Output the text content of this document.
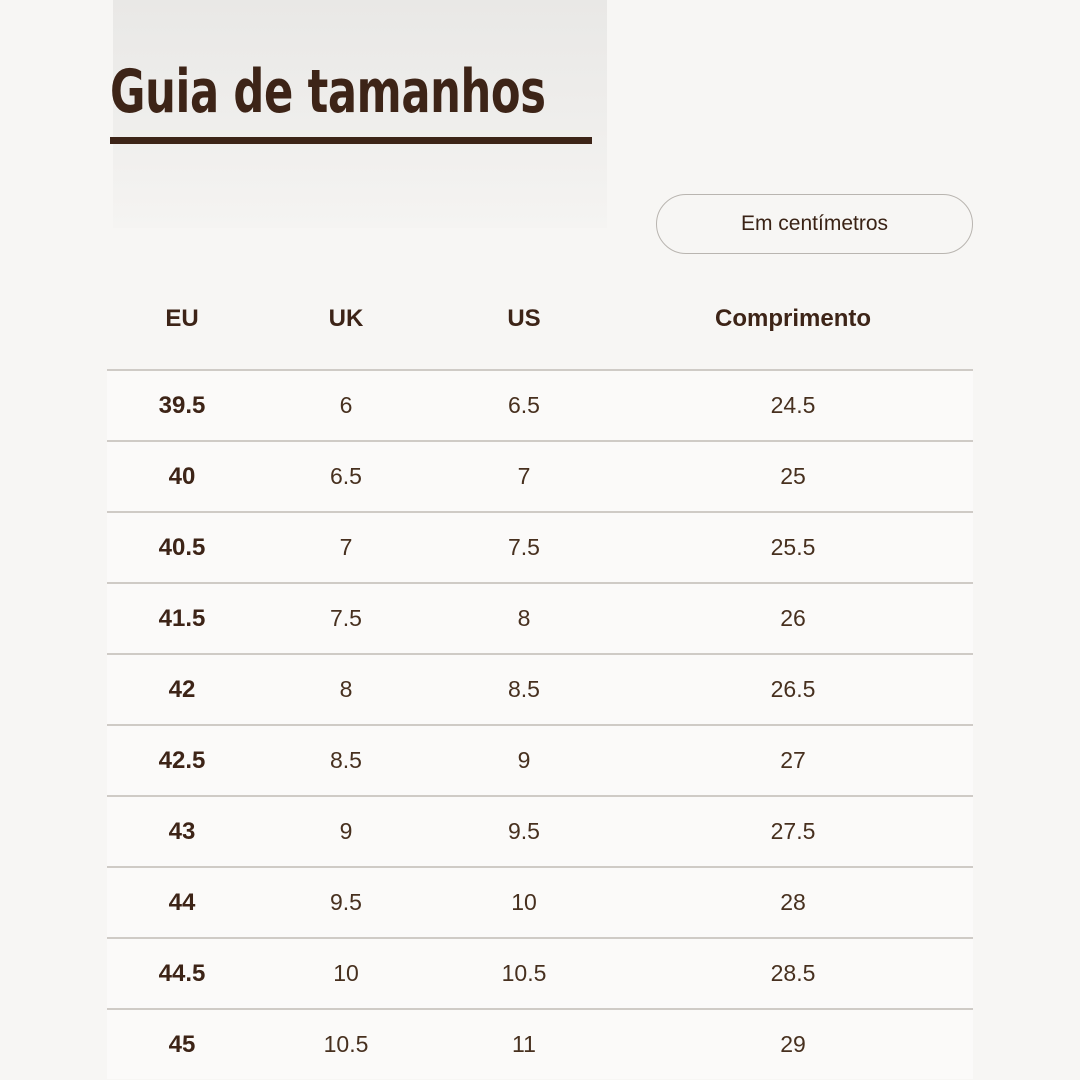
Guia de tamanhos
Em centímetros
EU	UK	US	Comprimento
39.5	6	6.5	24.5
40	6.5	7	25
40.5	7	7.5	25.5
41.5	7.5	8	26
42	8	8.5	26.5
42.5	8.5	9	27
43	9	9.5	27.5
44	9.5	10	28
44.5	10	10.5	28.5
45	10.5	11	29
